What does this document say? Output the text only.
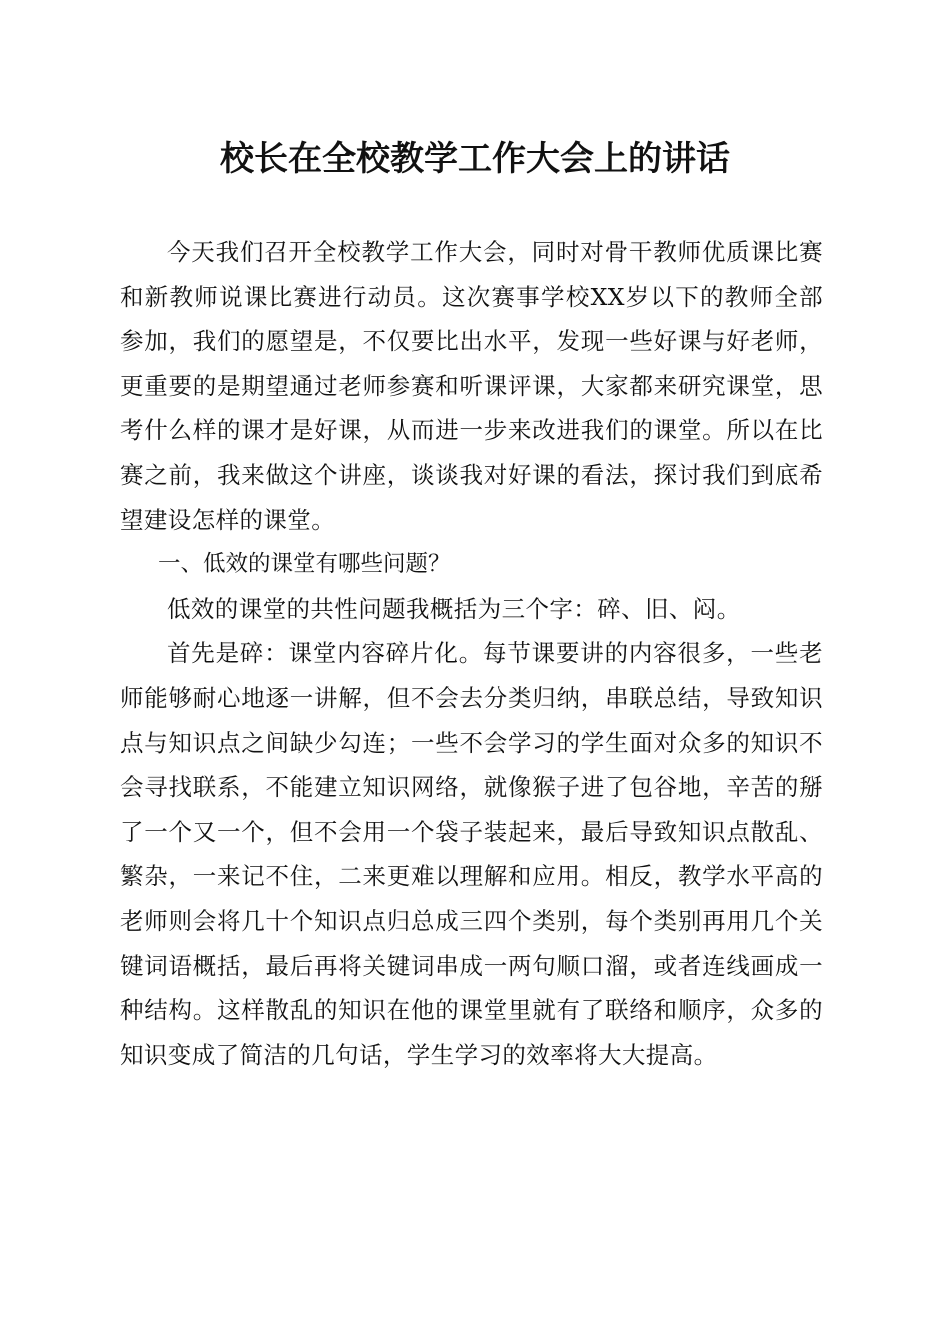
校长在全校教学工作大会上的讲话

今天我们召开全校教学工作大会，同时对骨干教师优质课比赛和新教师说课比赛进行动员。这次赛事学校XX岁以下的教师全部参加，我们的愿望是，不仅要比出水平，发现一些好课与好老师，更重要的是期望通过老师参赛和听课评课，大家都来研究课堂，思考什么样的课才是好课，从而进一步来改进我们的课堂。所以在比赛之前，我来做这个讲座，谈谈我对好课的看法，探讨我们到底希望建设怎样的课堂。

一、低效的课堂有哪些问题？

低效的课堂的共性问题我概括为三个字：碎、旧、闷。

首先是碎：课堂内容碎片化。每节课要讲的内容很多，一些老师能够耐心地逐一讲解，但不会去分类归纳，串联总结，导致知识点与知识点之间缺少勾连；一些不会学习的学生面对众多的知识不会寻找联系，不能建立知识网络，就像猴子进了包谷地，辛苦的掰了一个又一个，但不会用一个袋子装起来，最后导致知识点散乱、繁杂，一来记不住，二来更难以理解和应用。相反，教学水平高的老师则会将几十个知识点归总成三四个类别，每个类别再用几个关键词语概括，最后再将关键词串成一两句顺口溜，或者连线画成一种结构。这样散乱的知识在他的课堂里就有了联络和顺序，众多的知识变成了简洁的几句话，学生学习的效率将大大提高。
